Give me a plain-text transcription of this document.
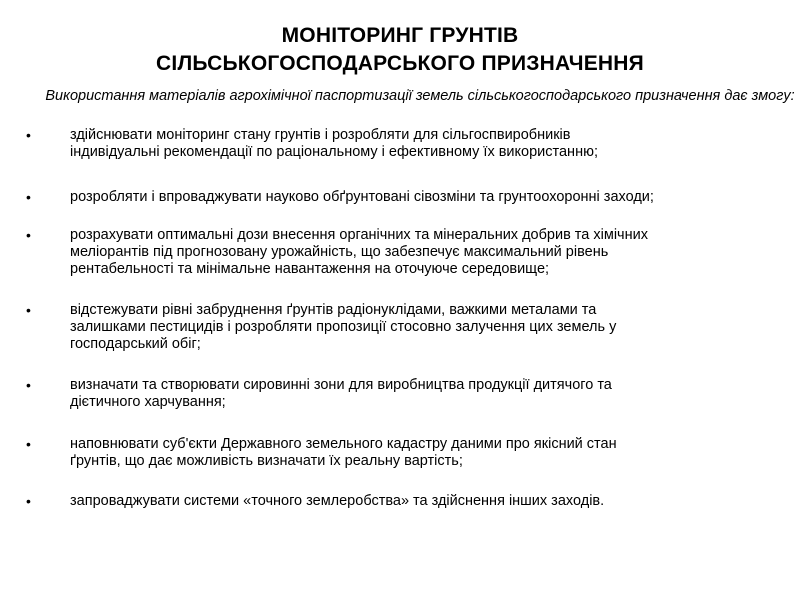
МОНІТОРИНГ ГРУНТІВ
СІЛЬСЬКОГОСПОДАРСЬКОГО ПРИЗНАЧЕННЯ
Використання матеріалів агрохімічної паспортизації земель сільськогосподарського призначення дає змогу:
•	здійснювати моніторинг стану грунтів і розробляти для сільгоспвиробників
індивідуальні рекомендації по раціональному і ефективному їх використанню;
•	розробляти і впроваджувати науково обґрунтовані сівозміни та грунтоохоронні заходи;
•	розрахувати оптимальні дози внесення органічних та мінеральних добрив та хімічних
меліорантів під прогнозовану урожайність, що забезпечує максимальний рівень
рентабельності та мінімальне навантаження на оточуюче середовище;
•	відстежувати рівні забруднення ґрунтів радіонуклідами, важкими металами та
залишками пестицидів і розробляти пропозиції стосовно залучення цих земель у
господарський обіг;
•	визначати та створювати сировинні зони для виробництва продукції дитячого та
дієтичного харчування;
•	наповнювати суб'єкти Державного земельного кадастру даними про якісний стан
ґрунтів, що дає можливість визначати їх реальну вартість;
•	запроваджувати системи «точного землеробства» та здійснення інших заходів.
